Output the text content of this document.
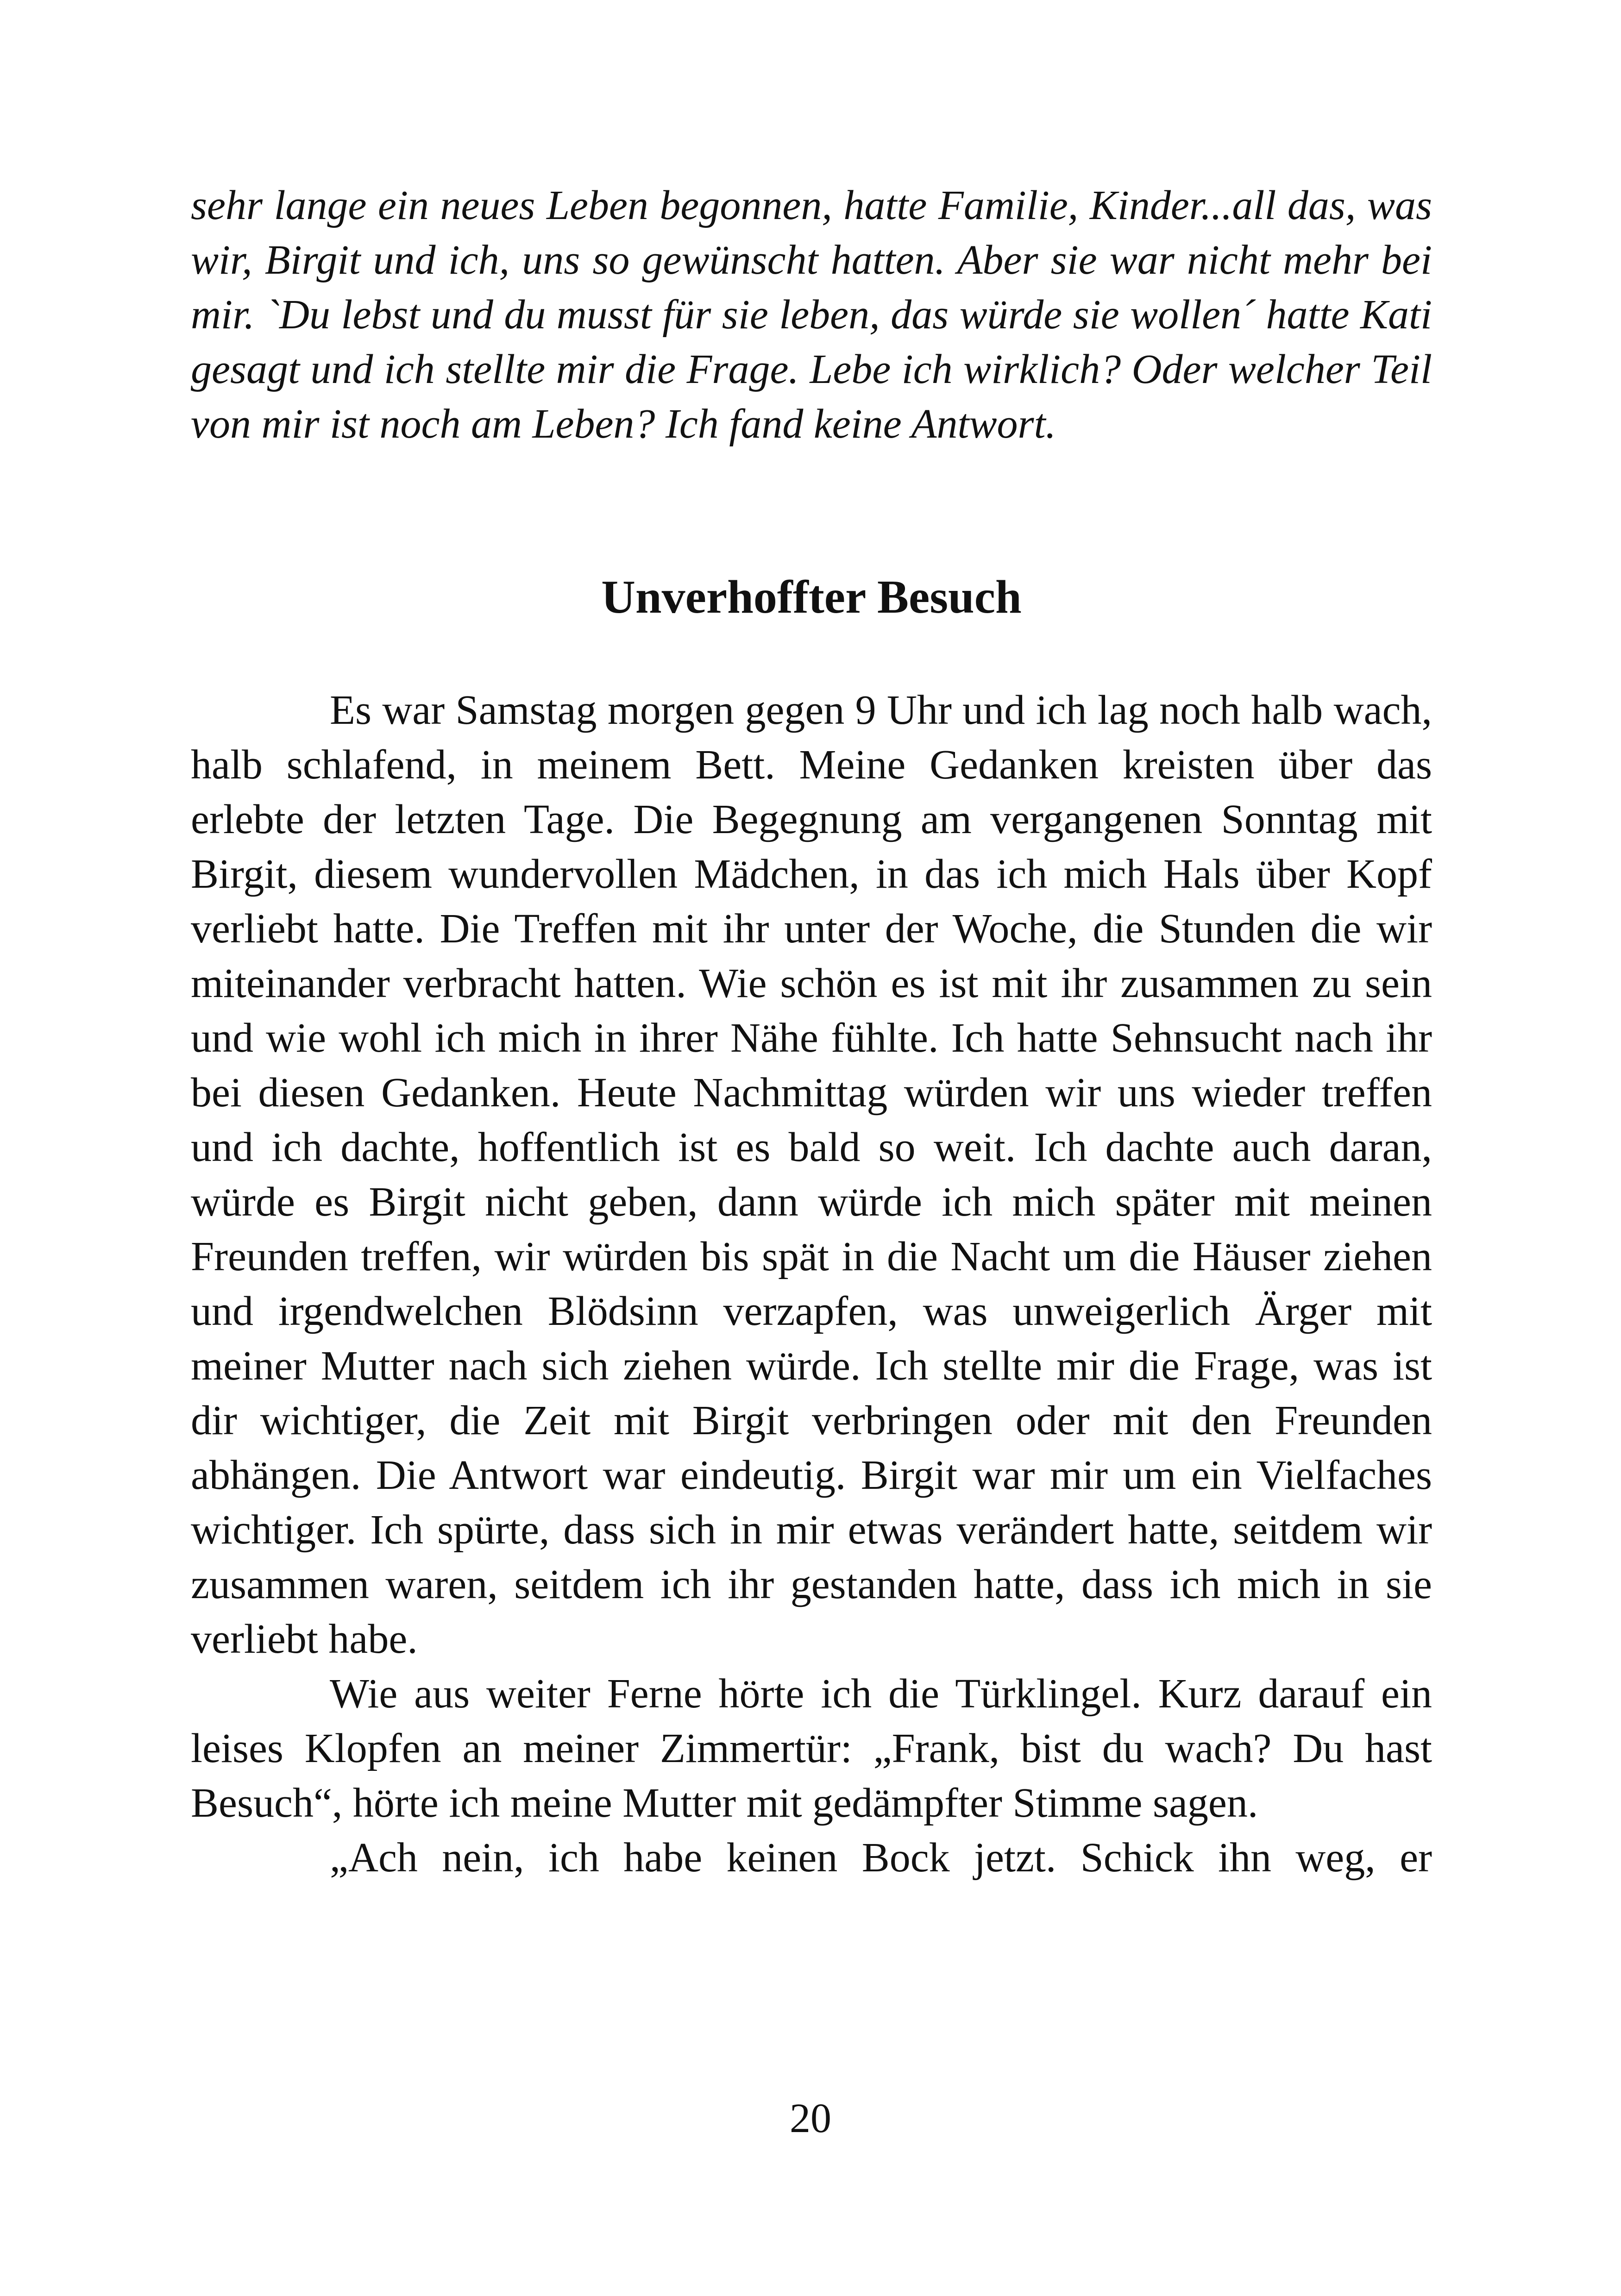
sehr lange ein neues Leben begonnen, hatte Familie, Kinder...all das, was wir, Birgit und ich, uns so gewünscht hatten. Aber sie war nicht mehr bei mir. `Du lebst und du musst für sie leben, das würde sie wollen´ hatte Kati gesagt und ich stellte mir die Frage. Lebe ich wirklich? Oder welcher Teil von mir ist noch am Leben? Ich fand keine Antwort.

Unverhoffter Besuch

Es war Samstag morgen gegen 9 Uhr und ich lag noch halb wach, halb schlafend, in meinem Bett. Meine Gedanken kreisten über das erlebte der letzten Tage. Die Begegnung am vergangenen Sonntag mit Birgit, diesem wundervollen Mädchen, in das ich mich Hals über Kopf verliebt hatte. Die Treffen mit ihr unter der Woche, die Stunden die wir miteinander verbracht hatten. Wie schön es ist mit ihr zusammen zu sein und wie wohl ich mich in ihrer Nähe fühlte. Ich hatte Sehnsucht nach ihr bei diesen Gedanken. Heute Nachmittag würden wir uns wieder treffen und ich dachte, hoffentlich ist es bald so weit. Ich dachte auch daran, würde es Birgit nicht geben, dann würde ich mich später mit meinen Freunden treffen, wir würden bis spät in die Nacht um die Häuser ziehen und irgendwelchen Blödsinn verzapfen, was unweigerlich Ärger mit meiner Mutter nach sich ziehen würde. Ich stellte mir die Frage, was ist dir wichtiger, die Zeit mit Birgit verbringen oder mit den Freunden abhängen. Die Antwort war eindeutig. Birgit war mir um ein Vielfaches wichtiger. Ich spürte, dass sich in mir etwas verändert hatte, seitdem wir zusammen waren, seitdem ich ihr gestanden hatte, dass ich mich in sie verliebt habe.

Wie aus weiter Ferne hörte ich die Türklingel. Kurz darauf ein leises Klopfen an meiner Zimmertür: „Frank, bist du wach? Du hast Besuch“, hörte ich meine Mutter mit gedämpfter Stimme sagen.

„Ach nein, ich habe keinen Bock jetzt. Schick ihn weg, er

20
